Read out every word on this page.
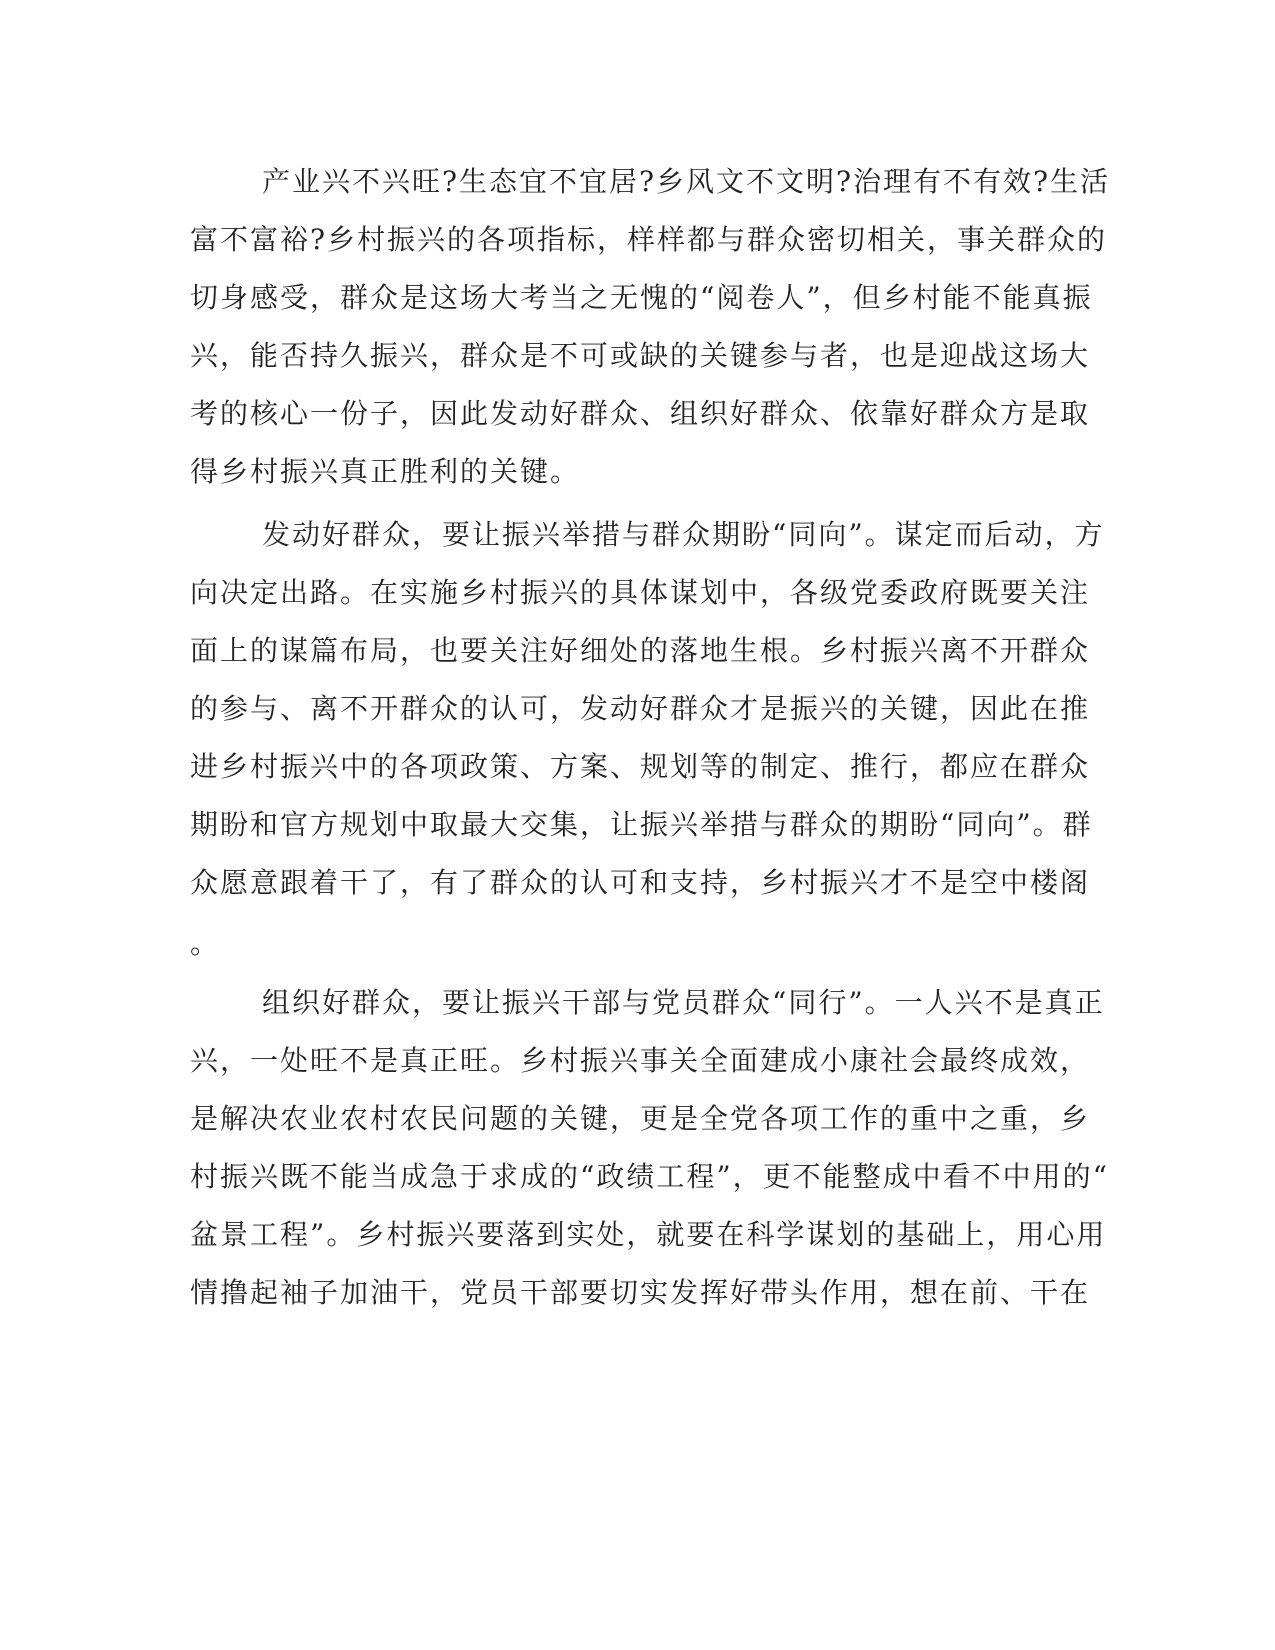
产业兴不兴旺?生态宜不宜居?乡风文不文明?治理有不有效?生活

富不富裕?乡村振兴的各项指标，样样都与群众密切相关，事关群众的

切身感受，群众是这场大考当之无愧的“阅卷人”，但乡村能不能真振

兴，能否持久振兴，群众是不可或缺的关键参与者，也是迎战这场大

考的核心一份子，因此发动好群众、组织好群众、依靠好群众方是取

得乡村振兴真正胜利的关键。

发动好群众，要让振兴举措与群众期盼“同向”。谋定而后动，方

向决定出路。在实施乡村振兴的具体谋划中，各级党委政府既要关注

面上的谋篇布局，也要关注好细处的落地生根。乡村振兴离不开群众

的参与、离不开群众的认可，发动好群众才是振兴的关键，因此在推

进乡村振兴中的各项政策、方案、规划等的制定、推行，都应在群众

期盼和官方规划中取最大交集，让振兴举措与群众的期盼“同向”。群

众愿意跟着干了，有了群众的认可和支持，乡村振兴才不是空中楼阁

。

组织好群众，要让振兴干部与党员群众“同行”。一人兴不是真正

兴，一处旺不是真正旺。乡村振兴事关全面建成小康社会最终成效，

是解决农业农村农民问题的关键，更是全党各项工作的重中之重，乡

村振兴既不能当成急于求成的“政绩工程”，更不能整成中看不中用的“

盆景工程”。乡村振兴要落到实处，就要在科学谋划的基础上，用心用

情撸起袖子加油干，党员干部要切实发挥好带头作用，想在前、干在
